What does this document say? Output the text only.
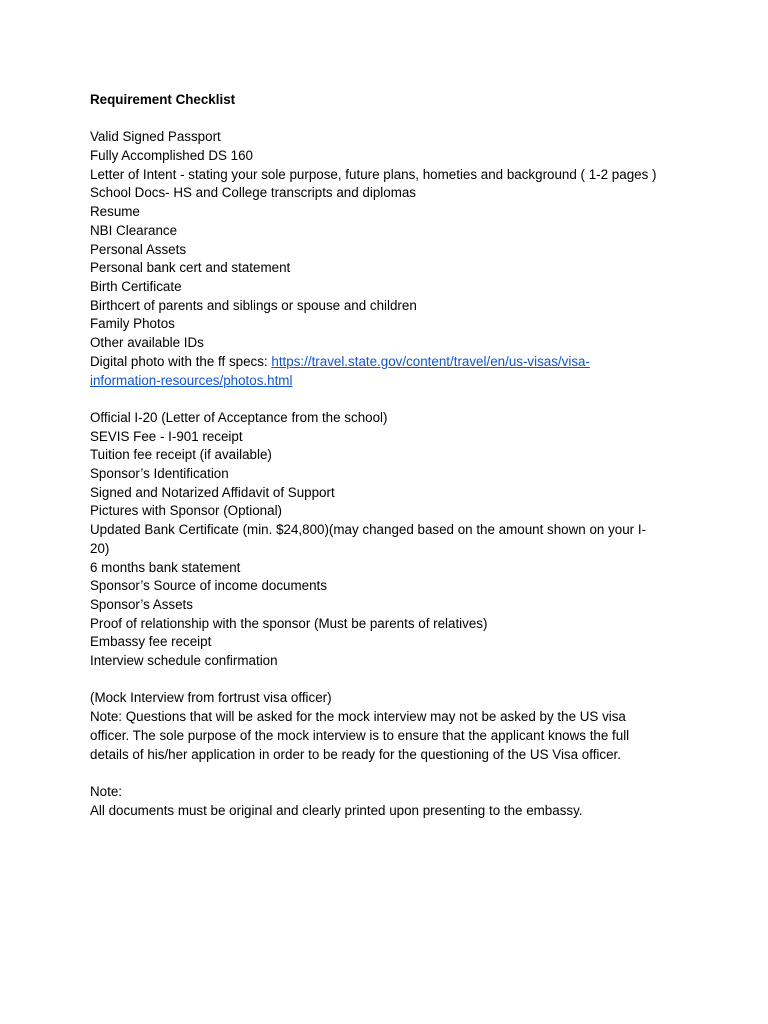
Requirement Checklist

Valid Signed Passport

Fully Accomplished DS 160

Letter of Intent - stating your sole purpose, future plans, hometies and background ( 1-2 pages )

School Docs- HS and College transcripts and diplomas

Resume

NBI Clearance

Personal Assets

Personal bank cert and statement

Birth Certificate

Birthcert of parents and siblings or spouse and children

Family Photos

Other available IDs

Digital photo with the ff specs: https://travel.state.gov/content/travel/en/us-visas/visa-

information-resources/photos.html

Official I-20 (Letter of Acceptance from the school)

SEVIS Fee - I-901 receipt

Tuition fee receipt (if available)

Sponsor’s Identification

Signed and Notarized Affidavit of Support

Pictures with Sponsor (Optional)

Updated Bank Certificate (min. $24,800)(may changed based on the amount shown on your I-

20)

6 months bank statement

Sponsor’s Source of income documents

Sponsor’s Assets

Proof of relationship with the sponsor (Must be parents of relatives)

Embassy fee receipt

Interview schedule confirmation

(Mock Interview from fortrust visa officer)

Note: Questions that will be asked for the mock interview may not be asked by the US visa

officer. The sole purpose of the mock interview is to ensure that the applicant knows the full

details of his/her application in order to be ready for the questioning of the US Visa officer.

Note:

All documents must be original and clearly printed upon presenting to the embassy.
